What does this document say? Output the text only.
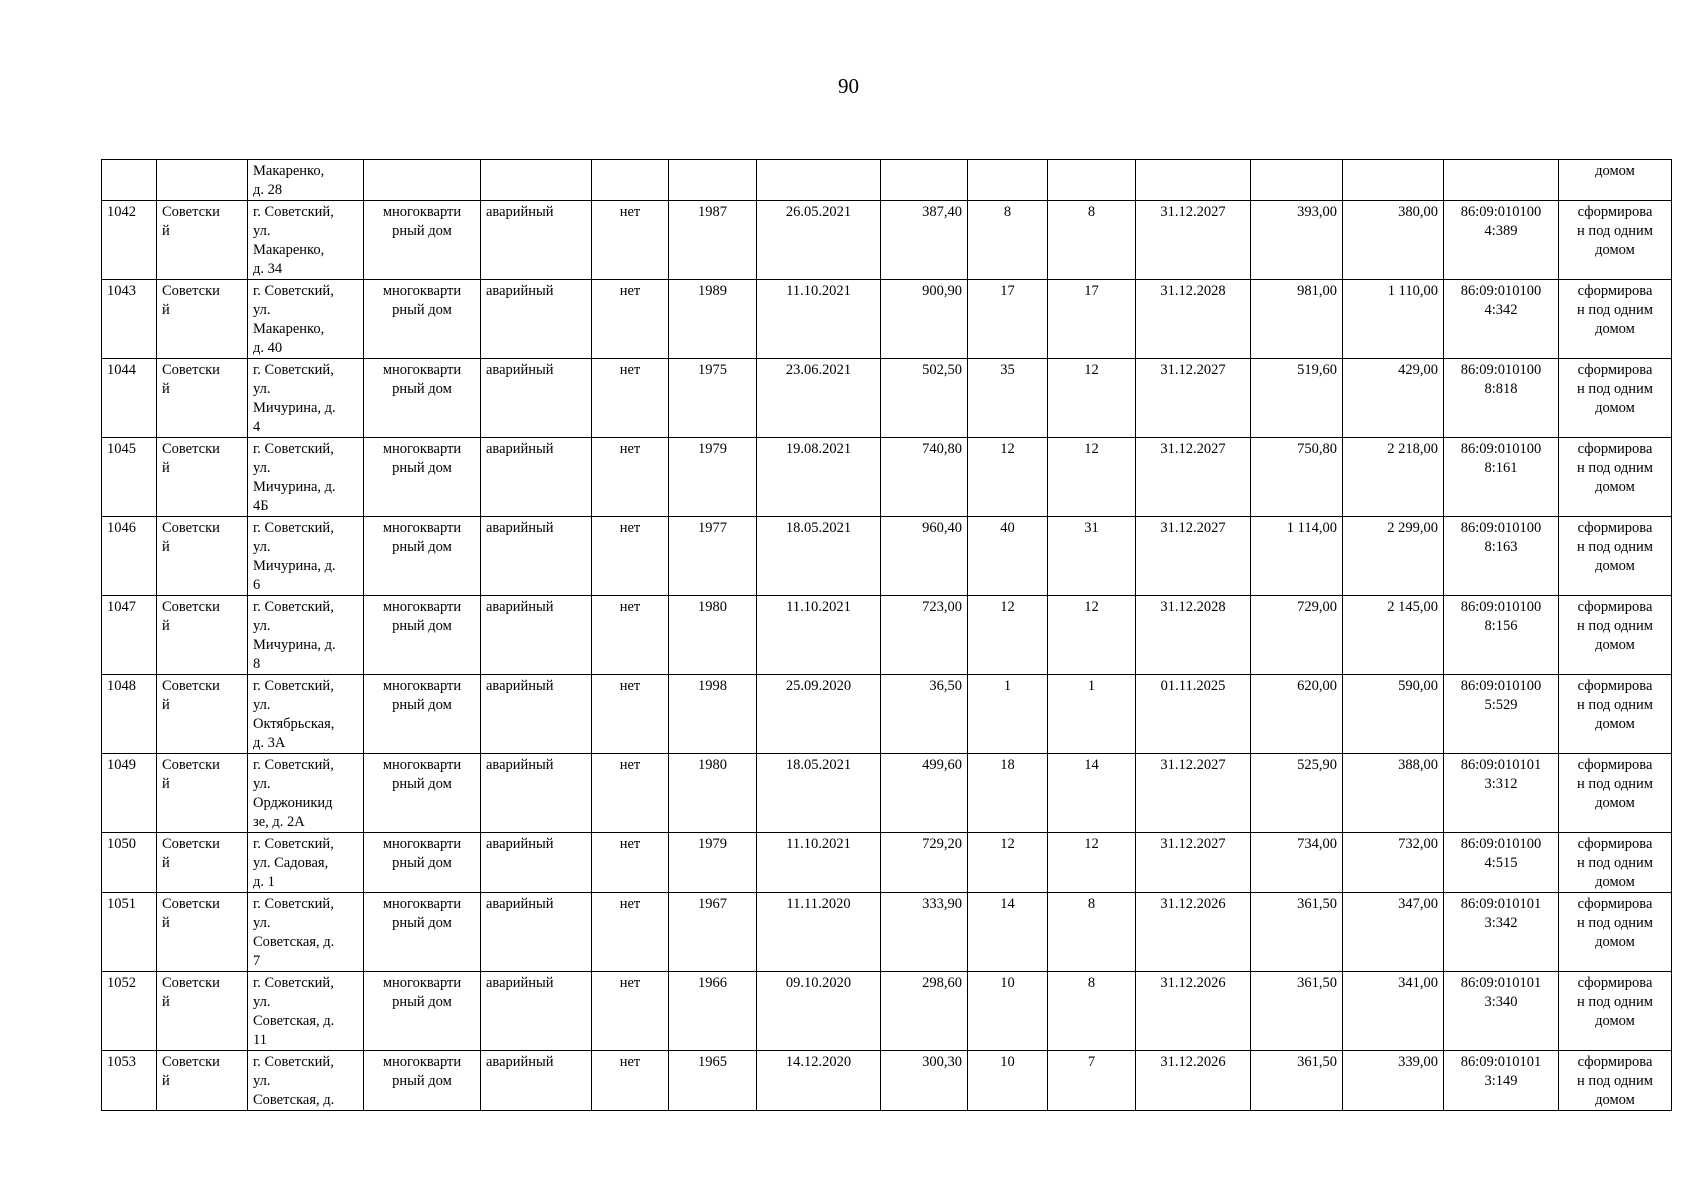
90
		Макаренко,
д. 28													домом
1042	Советски
й	г. Советский,
ул.
Макаренко,
д. 34	многокварти
рный дом	аварийный	нет	1987	26.05.2021	387,40	8	8	31.12.2027	393,00	380,00	86:09:010100
4:389	сформирова
н под одним
домом
1043	Советски
й	г. Советский,
ул.
Макаренко,
д. 40	многокварти
рный дом	аварийный	нет	1989	11.10.2021	900,90	17	17	31.12.2028	981,00	1 110,00	86:09:010100
4:342	сформирова
н под одним
домом
1044	Советски
й	г. Советский,
ул.
Мичурина, д.
4	многокварти
рный дом	аварийный	нет	1975	23.06.2021	502,50	35	12	31.12.2027	519,60	429,00	86:09:010100
8:818	сформирова
н под одним
домом
1045	Советски
й	г. Советский,
ул.
Мичурина, д.
4Б	многокварти
рный дом	аварийный	нет	1979	19.08.2021	740,80	12	12	31.12.2027	750,80	2 218,00	86:09:010100
8:161	сформирова
н под одним
домом
1046	Советски
й	г. Советский,
ул.
Мичурина, д.
6	многокварти
рный дом	аварийный	нет	1977	18.05.2021	960,40	40	31	31.12.2027	1 114,00	2 299,00	86:09:010100
8:163	сформирова
н под одним
домом
1047	Советски
й	г. Советский,
ул.
Мичурина, д.
8	многокварти
рный дом	аварийный	нет	1980	11.10.2021	723,00	12	12	31.12.2028	729,00	2 145,00	86:09:010100
8:156	сформирова
н под одним
домом
1048	Советски
й	г. Советский,
ул.
Октябрьская,
д. 3А	многокварти
рный дом	аварийный	нет	1998	25.09.2020	36,50	1	1	01.11.2025	620,00	590,00	86:09:010100
5:529	сформирова
н под одним
домом
1049	Советски
й	г. Советский,
ул.
Орджоникид
зе, д. 2А	многокварти
рный дом	аварийный	нет	1980	18.05.2021	499,60	18	14	31.12.2027	525,90	388,00	86:09:010101
3:312	сформирова
н под одним
домом
1050	Советски
й	г. Советский,
ул. Садовая,
д. 1	многокварти
рный дом	аварийный	нет	1979	11.10.2021	729,20	12	12	31.12.2027	734,00	732,00	86:09:010100
4:515	сформирова
н под одним
домом
1051	Советски
й	г. Советский,
ул.
Советская, д.
7	многокварти
рный дом	аварийный	нет	1967	11.11.2020	333,90	14	8	31.12.2026	361,50	347,00	86:09:010101
3:342	сформирова
н под одним
домом
1052	Советски
й	г. Советский,
ул.
Советская, д.
11	многокварти
рный дом	аварийный	нет	1966	09.10.2020	298,60	10	8	31.12.2026	361,50	341,00	86:09:010101
3:340	сформирова
н под одним
домом
1053	Советски
й	г. Советский,
ул.
Советская, д.	многокварти
рный дом	аварийный	нет	1965	14.12.2020	300,30	10	7	31.12.2026	361,50	339,00	86:09:010101
3:149	сформирова
н под одним
домом
